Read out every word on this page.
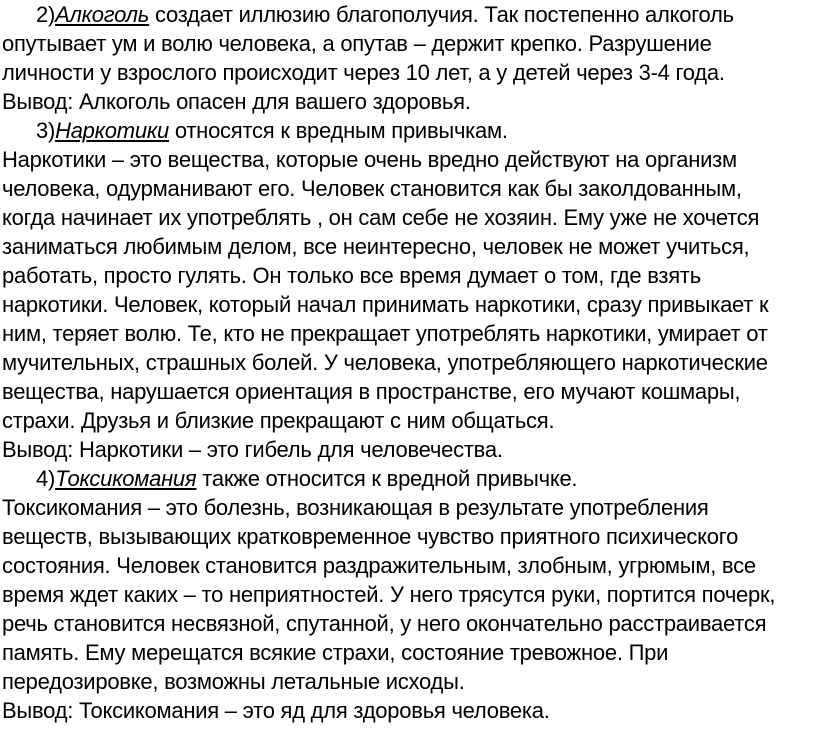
2)Алкоголь создает иллюзию благополучия. Так постепенно алкоголь
опутывает ум и волю человека, а опутав – держит крепко. Разрушение
личности у взрослого происходит через 10 лет, а у детей через 3-4 года.
Вывод: Алкоголь опасен для вашего здоровья.
3)Наркотики относятся к вредным привычкам.
Наркотики – это вещества, которые очень вредно действуют на организм
человека, одурманивают его. Человек становится как бы заколдованным,
когда начинает их употреблять , он сам себе не хозяин. Ему уже не хочется
заниматься любимым делом, все неинтересно, человек не может учиться,
работать, просто гулять. Он только все время думает о том, где взять
наркотики. Человек, который начал принимать наркотики, сразу привыкает к
ним, теряет волю. Те, кто не прекращает употреблять наркотики, умирает от
мучительных, страшных болей. У человека, употребляющего наркотические
вещества, нарушается ориентация в пространстве, его мучают кошмары,
страхи. Друзья и близкие прекращают с ним общаться.
Вывод: Наркотики – это гибель для человечества.
4)Токсикомания также относится к вредной привычке.
Токсикомания – это болезнь, возникающая в результате употребления
веществ, вызывающих кратковременное чувство приятного психического
состояния. Человек становится раздражительным, злобным, угрюмым, все
время ждет каких – то неприятностей. У него трясутся руки, портится почерк,
речь становится несвязной, спутанной, у него окончательно расстраивается
память. Ему мерещатся всякие страхи, состояние тревожное. При
передозировке, возможны летальные исходы.
Вывод: Токсикомания – это яд для здоровья человека.
